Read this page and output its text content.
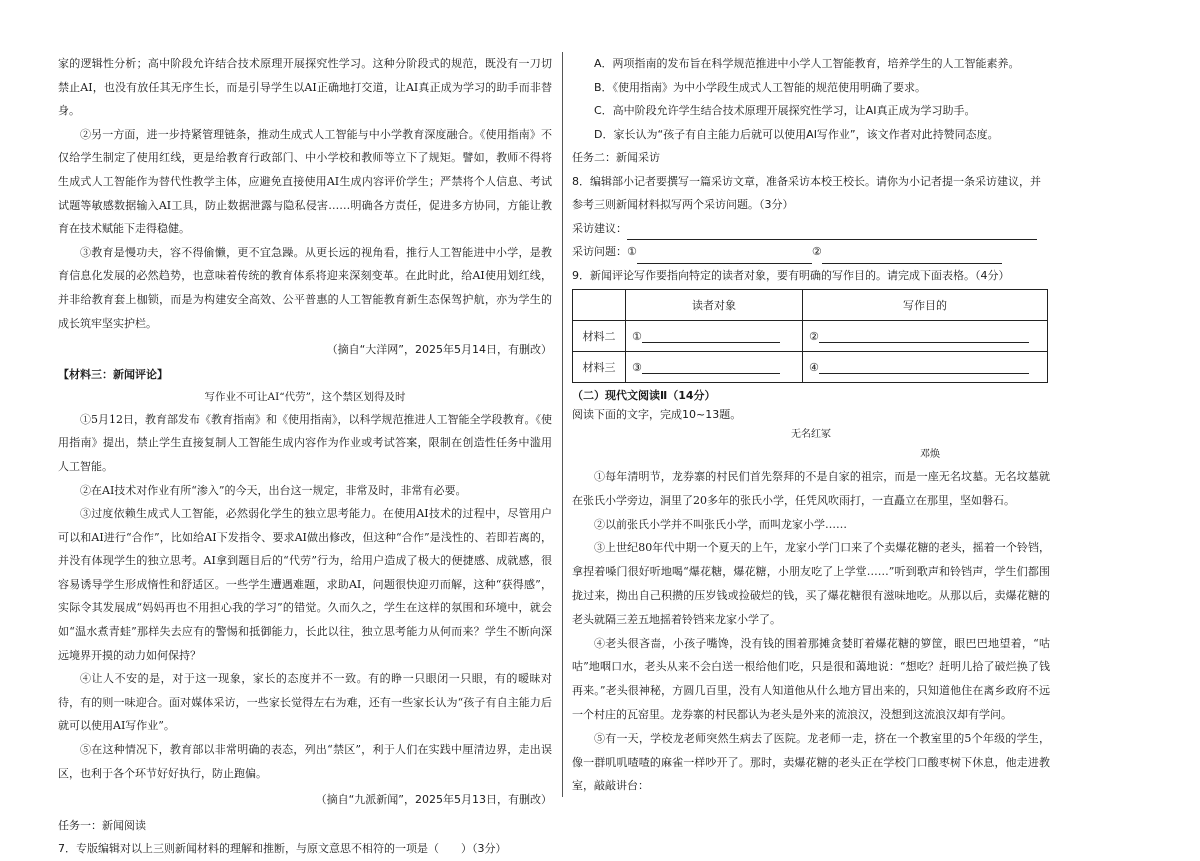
家的逻辑性分析；高中阶段允许结合技术原理开展探究性学习。这种分阶段式的规范，既没有一刀切禁止AI，也没有放任其无序生长，而是引导学生以AI正确地打交道，让AI真正成为学习的助手而非替身。

②另一方面，进一步持紧管理链条，推动生成式人工智能与中小学教育深度融合。《使用指南》不仅给学生制定了使用红线，更是给教育行政部门、中小学校和教师等立下了规矩。譬如，教师不得将生成式人工智能作为替代性教学主体，应避免直接使用AI生成内容评价学生；严禁将个人信息、考试试题等敏感数据输入AI工具，防止数据泄露与隐私侵害……明确各方责任，促进多方协同，方能让教育在技术赋能下走得稳健。

③教育是慢功夫，容不得偷懒，更不宜急躁。从更长远的视角看，推行人工智能进中小学，是教育信息化发展的必然趋势，也意味着传统的教育体系将迎来深刻变革。在此时此，给AI使用划红线，并非给教育套上枷锁，而是为构建安全高效、公平普惠的人工智能教育新生态保驾护航，亦为学生的成长筑牢坚实护栏。

（摘自“大洋网”，2025年5月14日，有删改）

【材料三：新闻评论】

写作业不可让AI“代劳”，这个禁区划得及时

①5月12日，教育部发布《教育指南》和《使用指南》，以科学规范推进人工智能全学段教育。《使用指南》提出，禁止学生直接复制人工智能生成内容作为作业或考试答案，限制在创造性任务中滥用人工智能。

②在AI技术对作业有所“渗入”的今天，出台这一规定，非常及时，非常有必要。

③过度依赖生成式人工智能，必然弱化学生的独立思考能力。在使用AI技术的过程中，尽管用户可以和AI进行“合作”，比如给AI下发指令、要求AI做出修改，但这种“合作”是浅性的、若即若离的，并没有体现学生的独立思考。AI拿到题目后的“代劳”行为，给用户造成了极大的便捷感、成就感，很容易诱导学生形成惰性和舒适区。一些学生遭遇难题，求助AI，问题很快迎刃而解，这种“获得感”，实际令其发展成“妈妈再也不用担心我的学习”的错觉。久而久之，学生在这样的氛围和环境中，就会如“温水煮青蛙”那样失去应有的警惕和抵御能力，长此以往，独立思考能力从何而来？学生不断向深远境界开摸的动力如何保持？

④让人不安的是，对于这一现象，家长的态度并不一致。有的睁一只眼闭一只眼，有的暧昧对待，有的则一味迎合。面对媒体采访，一些家长觉得左右为难，还有一些家长认为“孩子有自主能力后就可以使用AI写作业”。

⑤在这种情况下，教育部以非常明确的表态，列出“禁区”，利于人们在实践中厘清边界，走出误区，也利于各个环节好好执行，防止跑偏。

（摘自“九派新闻”，2025年5月13日，有删改）

任务一：新闻阅读

7．专版编辑对以上三则新闻材料的理解和推断，与原文意思不相符的一项是（　　）（3分）

A．两项指南的发布旨在科学规范推进中小学人工智能教育，培养学生的人工智能素养。

B．《使用指南》为中小学段生成式人工智能的规范使用明确了要求。

C．高中阶段允许学生结合技术原理开展探究性学习，让AI真正成为学习助手。

D．家长认为“孩子有自主能力后就可以使用AI写作业”，该文作者对此持赞同态度。

任务二：新闻采访

8．编辑部小记者要撰写一篇采访文章，准备采访本校王校长。请你为小记者提一条采访建议，并参考三则新闻材料拟写两个采访问题。（3分）

采访建议：
采访问题： ①	②

9．新闻评论写作要指向特定的读者对象，要有明确的写作目的。请完成下面表格。（4分）

	读者对象	写作目的
材料二	①	②
材料三	③	④

（二）现代文阅读Ⅱ（14分）

阅读下面的文字，完成10~13题。

无名红冢

邓焕

①每年清明节，龙券寨的村民们首先祭拜的不是自家的祖宗，而是一座无名坟墓。无名坟墓就在张氏小学旁边，洞里了20多年的张氏小学，任凭风吹雨打，一直矗立在那里，坚如磐石。

②以前张氏小学并不叫张氏小学，而叫龙家小学……

③上世纪80年代中期一个夏天的上午，龙家小学门口来了个卖爆花糖的老头，摇着一个铃铛，拿捏着嗓门很好听地喝“爆花糖，爆花糖，小朋友吃了上学堂……”听到歌声和铃铛声，学生们都围拢过来，拗出自己积攒的压岁钱或捡破烂的钱，买了爆花糖很有滋味地吃。从那以后，卖爆花糖的老头就隔三差五地摇着铃铛来龙家小学了。

④老头很吝啬，小孩子嘴馋，没有钱的围着那摊贪婪盯着爆花糖的箩筐，眼巴巴地望着，“咕咕”地咽口水，老头从来不会白送一根给他们吃，只是很和蔼地说：“想吃？赶明儿拾了破烂换了钱再来。”老头很神秘，方圆几百里，没有人知道他从什么地方冒出来的，只知道他住在离乡政府不远一个村庄的瓦窑里。龙券寨的村民都认为老头是外来的流浪汉，没想到这流浪汉却有学问。

⑤有一天，学校龙老师突然生病去了医院。龙老师一走，挤在一个教室里的5个年级的学生，像一群叽叽喳喳的麻雀一样吵开了。那时，卖爆花糖的老头正在学校门口酸枣树下休息，他走进教室，敲敲讲台：
